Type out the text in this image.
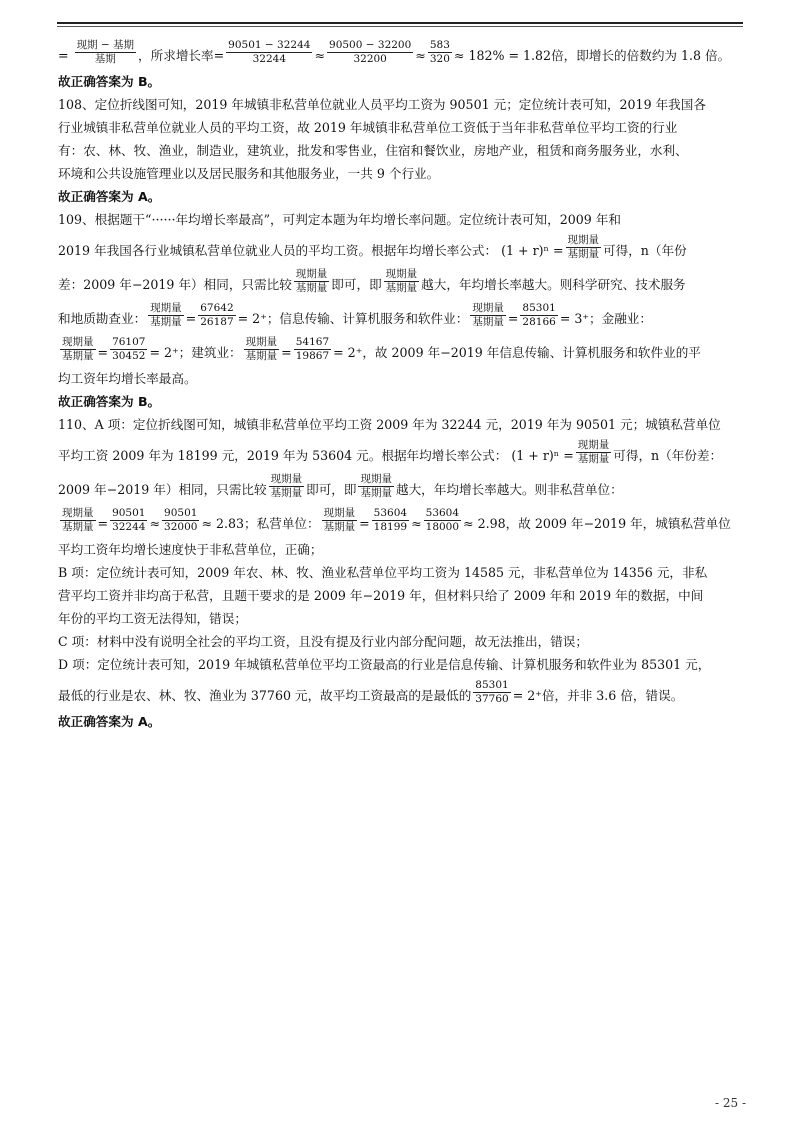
= $\frac{\text{现期 − 基期}}{\text{基期}}$ ，所求增长率= $\frac{90501 - 32244}{32244} \approx \frac{90500 - 32200}{32200} \approx \frac{583}{320} \approx 182\% = 1.82$倍，即增长的倍数约为 1.8 倍。
故正确答案为 B。
108、定位折线图可知，2019 年城镇非私营单位就业人员平均工资为 90501 元；定位统计表可知，2019 年我国各
行业城镇非私营单位就业人员的平均工资，故 2019 年城镇非私营单位工资低于当年非私营单位平均工资的行业
有：农、林、牧、渔业，制造业，建筑业，批发和零售业，住宿和餐饮业，房地产业，租赁和商务服务业，水利、
环境和公共设施管理业以及居民服务和其他服务业，一共 9 个行业。
故正确答案为 A。
109、根据题干“······年均增长率最高”，可判定本题为年均增长率问题。定位统计表可知，2009 年和
2019 年我国各行业城镇私营单位就业人员的平均工资。根据年均增长率公式： $(1 + r)^n = \frac{\text{现期量}}{\text{基期量}}$ 可得，n（年份
差：2009 年−2019 年）相同，只需比较 $\frac{\text{现期量}}{\text{基期量}}$ 即可，即 $\frac{\text{现期量}}{\text{基期量}}$ 越大，年均增长率越大。则科学研究、技术服务
和地质勘查业： $\frac{\text{现期量}}{\text{基期量}} = \frac{67642}{26187} = 2^+$；信息传输、计算机服务和软件业： $\frac{\text{现期量}}{\text{基期量}} = \frac{85301}{28166} = 3^+$；金融业：
$\frac{\text{现期量}}{\text{基期量}} = \frac{76107}{30452} = 2^+$；建筑业： $\frac{\text{现期量}}{\text{基期量}} = \frac{54167}{19867} = 2^+$，故 2009 年−2019 年信息传输、计算机服务和软件业的平
均工资年均增长率最高。
故正确答案为 B。
110、A 项：定位折线图可知，城镇非私营单位平均工资 2009 年为 32244 元，2019 年为 90501 元；城镇私营单位
平均工资 2009 年为 18199 元，2019 年为 53604 元。根据年均增长率公式： $(1 + r)^n = \frac{\text{现期量}}{\text{基期量}}$ 可得，n（年份差：
2009 年−2019 年）相同，只需比较 $\frac{\text{现期量}}{\text{基期量}}$ 即可，即 $\frac{\text{现期量}}{\text{基期量}}$ 越大，年均增长率越大。则非私营单位：
$\frac{\text{现期量}}{\text{基期量}} = \frac{90501}{32244} \approx \frac{90501}{32000} \approx 2.83$；私营单位： $\frac{\text{现期量}}{\text{基期量}} = \frac{53604}{18199} \approx \frac{53604}{18000} \approx 2.98$，故 2009 年−2019 年，城镇私营单位
平均工资年均增长速度快于非私营单位，正确；
B 项：定位统计表可知，2009 年农、林、牧、渔业私营单位平均工资为 14585 元，非私营单位为 14356 元，非私
营平均工资并非均高于私营，且题干要求的是 2009 年−2019 年，但材料只给了 2009 年和 2019 年的数据，中间
年份的平均工资无法得知，错误；
C 项：材料中没有说明全社会的平均工资，且没有提及行业内部分配问题，故无法推出，错误；
D 项：定位统计表可知，2019 年城镇私营单位平均工资最高的行业是信息传输、计算机服务和软件业为 85301 元，
最低的行业是农、林、牧、渔业为 37760 元，故平均工资最高的是最低的 $\frac{85301}{37760} = 2^+$倍，并非 3.6 倍，错误。
故正确答案为 A。
- 25 -
